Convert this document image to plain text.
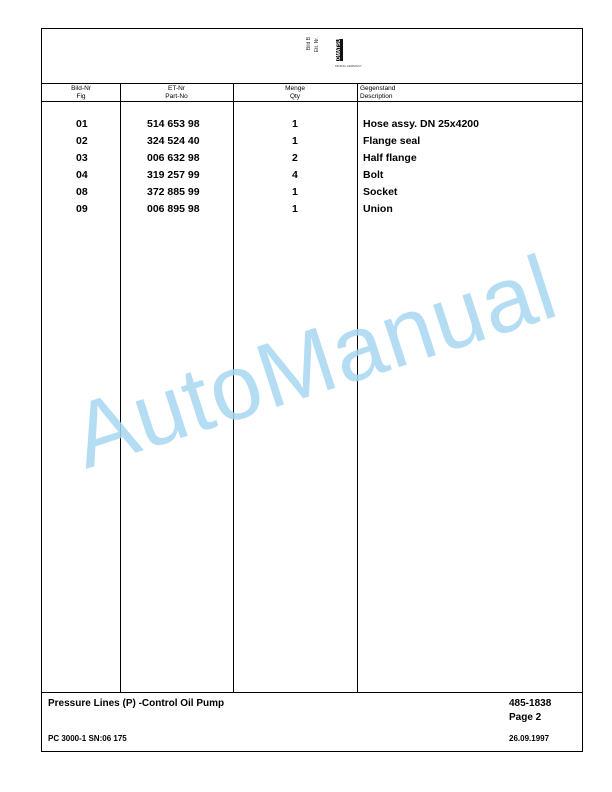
Bild B Ett. Nr.	KOMATSU
MINING GERMANY
Bild-Nr
Fig
ET-Nr
Part-No
Menge
Qty
Gegenstand
Description
01	514 653 98	1	Hose assy. DN 25x4200
02	324 524 40	1	Flange seal
03	006 632 98	2	Half flange
04	319 257 99	4	Bolt
08	372 885 99	1	Socket
09	006 895 98	1	Union
Pressure Lines (P) -Control Oil Pump	485-1838
Page 2
PC 3000-1 SN:06 175	26.09.1997
AutoManual
